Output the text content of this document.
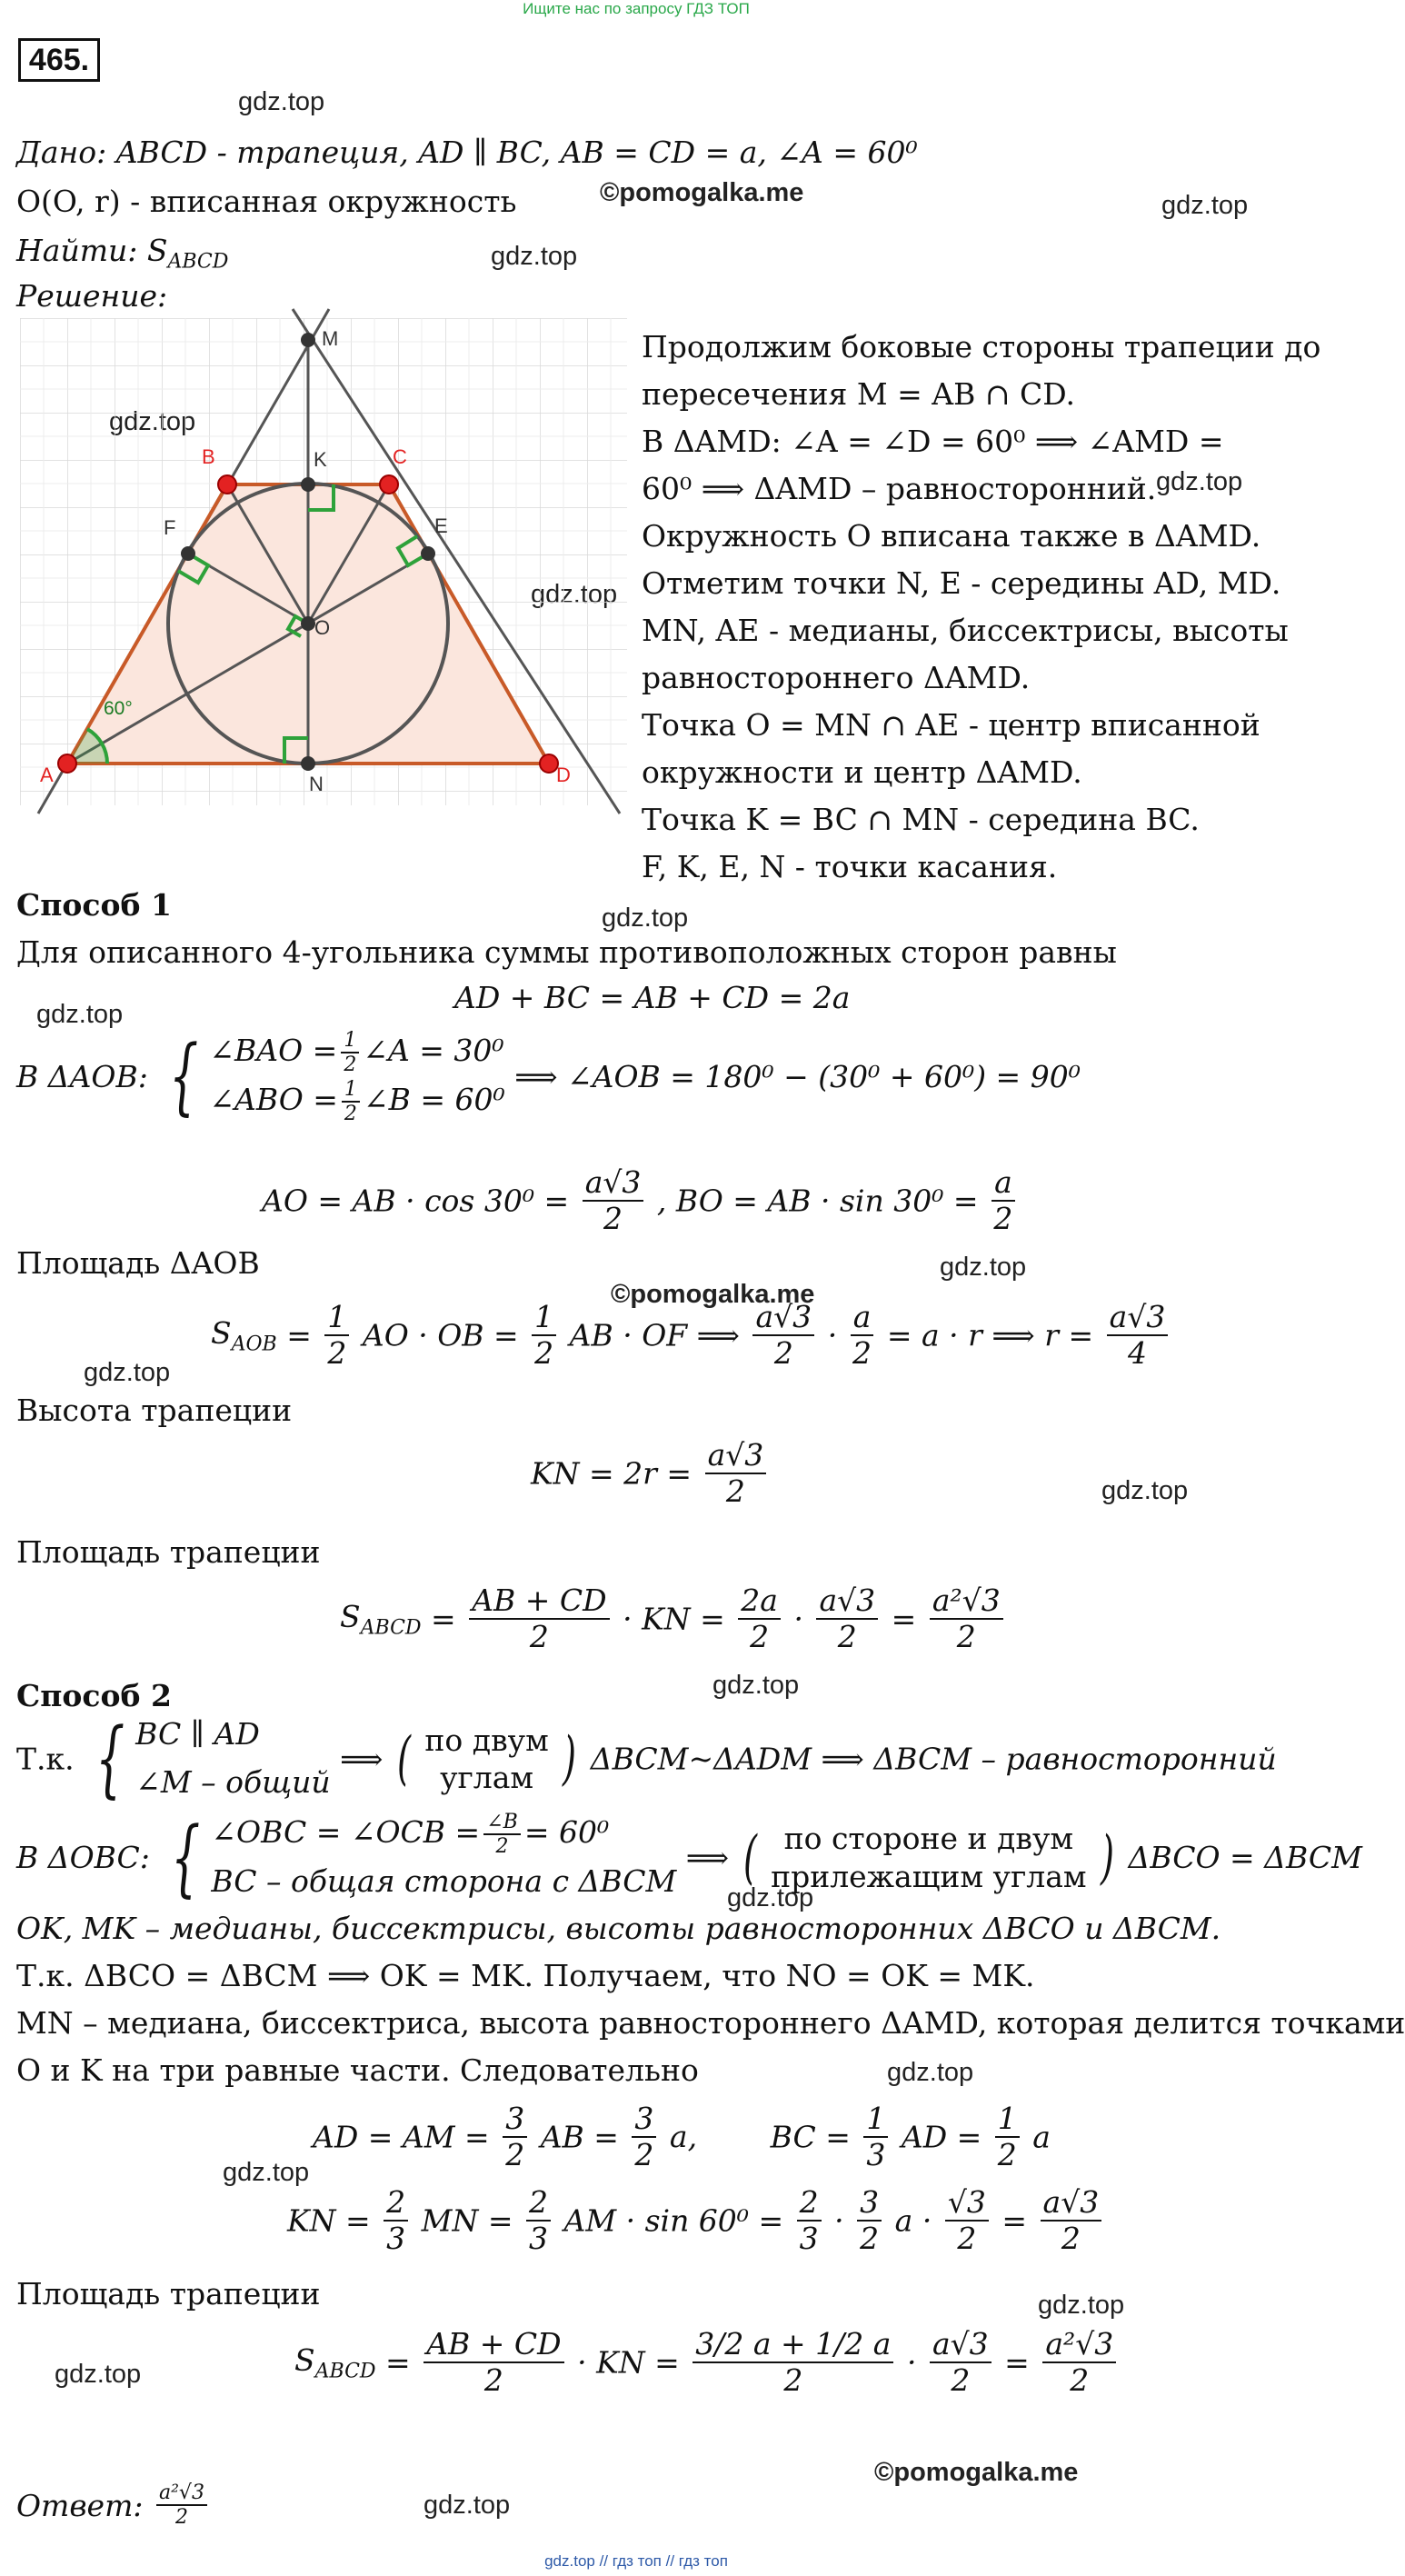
Ищите нас по запросу ГДЗ ТОП
465.
gdz.top
©pomogalka.me	gdz.top
gdz.top
gdz.top
gdz.top
gdz.top
gdz.top
©pomogalka.me
gdz.top
gdz.top
gdz.top
gdz.top
gdz.top
gdz.top
gdz.top
gdz.top
©pomogalka.me
gdz.top
Дано: ABCD - трапеция, AD ∥ BC, AB = CD = a, ∠A = 60⁰
O(O, r) - вписанная окружность
Найти: $S_{ABCD}$
Решение:
M
K
F	E
O
N
B	C
A	D
60°
Продолжим боковые стороны трапеции до
пересечения M = AB ∩ CD.
В ΔAMD: ∠A = ∠D = 60⁰ ⟹ ∠AMD =
60⁰ ⟹ ΔAMD – равносторонний.
Окружность O вписана также в ΔAMD.
Отметим точки N, E - середины AD, MD.
MN, AE - медианы, биссектрисы, высоты
равностороннего ΔAMD.
Точка O = MN ∩ AE - центр вписанной
окружности и центр ΔAMD.
Точка K = BC ∩ MN - середина BC.
F, K, E, N - точки касания.
Способ 1
Для описанного 4-угольника суммы противоположных сторон равны
AD + BC = AB + CD = 2a
В ΔAOB: { ∠BAO = $\frac{1}{2}$ ∠A = 30⁰
∠ABO = $\frac{1}{2}$ ∠B = 60⁰
⟹ ∠AOB = 180⁰ − (30⁰ + 60⁰) = 90⁰
AO = AB · $\cos 30^0 = \frac{a√3}{2}$ , BO = AB · $\sin 30^0 = \frac{a}{2}$
Площадь ΔAOB
$S_{AOB} = \frac{1}{2}$ AO · OB = $\frac{1}{2}$ AB · OF ⟹ $\frac{a√3}{2} \cdot \frac{a}{2} = a \cdot r$ ⟹ $r = \frac{a√3}{4}$
Высота трапеции
KN = $2r = \frac{a√3}{2}$
Площадь трапеции
$S_{ABCD} = \frac{AB + CD}{2}$ · KN = $\frac{2a}{2} \cdot \frac{a√3}{2} = \frac{\text{a²√3}}{2}$
Способ 2
Т.к. { BC ∥ AD
∠M – общий
⟹ ( по двум
углам ) ΔBCM~ΔADM ⟹ ΔBCM – равносторонний
В ΔOBC: { ∠OBC = ∠OCB = $\frac{\angle B}{2} = 60^0$
BC – общая сторона с ΔBCM
⟹ ( по стороне и двум
прилежащим углам ) ΔBCO = ΔBCM
OK, MK – медианы, биссектрисы, высоты равносторонних ΔBCO и ΔBCM.
Т.к. ΔBCO = ΔBCM ⟹ OK = MK. Получаем, что NO = OK = MK.
MN – медиана, биссектриса, высота равностороннего ΔAMD, которая делится точками
O и K на три равные части. Следовательно
AD = AM = $\frac{3}{2}$ AB = $\frac{3}{2} a$, BC = $\frac{1}{3}$ AD = $\frac{1}{2}$ a
KN = $\frac{2}{3}$ MN = $\frac{2}{3}$ AM · $\sin 60^0 = \frac{2}{3} \cdot \frac{3}{2}$ $a \cdot \frac{√3}{2} = \frac{a√3}{2}$
Площадь трапеции
$S_{ABCD} = \frac{AB + CD}{2}$ · KN = $\frac{3/2 a + 1/2 a}{2} \cdot \frac{a√3}{2} = \frac{\text{a²√3}}{2}$
Ответ: $\frac{\text{a²√3}}{2}$
gdz.top // гдз топ // гдз топ
